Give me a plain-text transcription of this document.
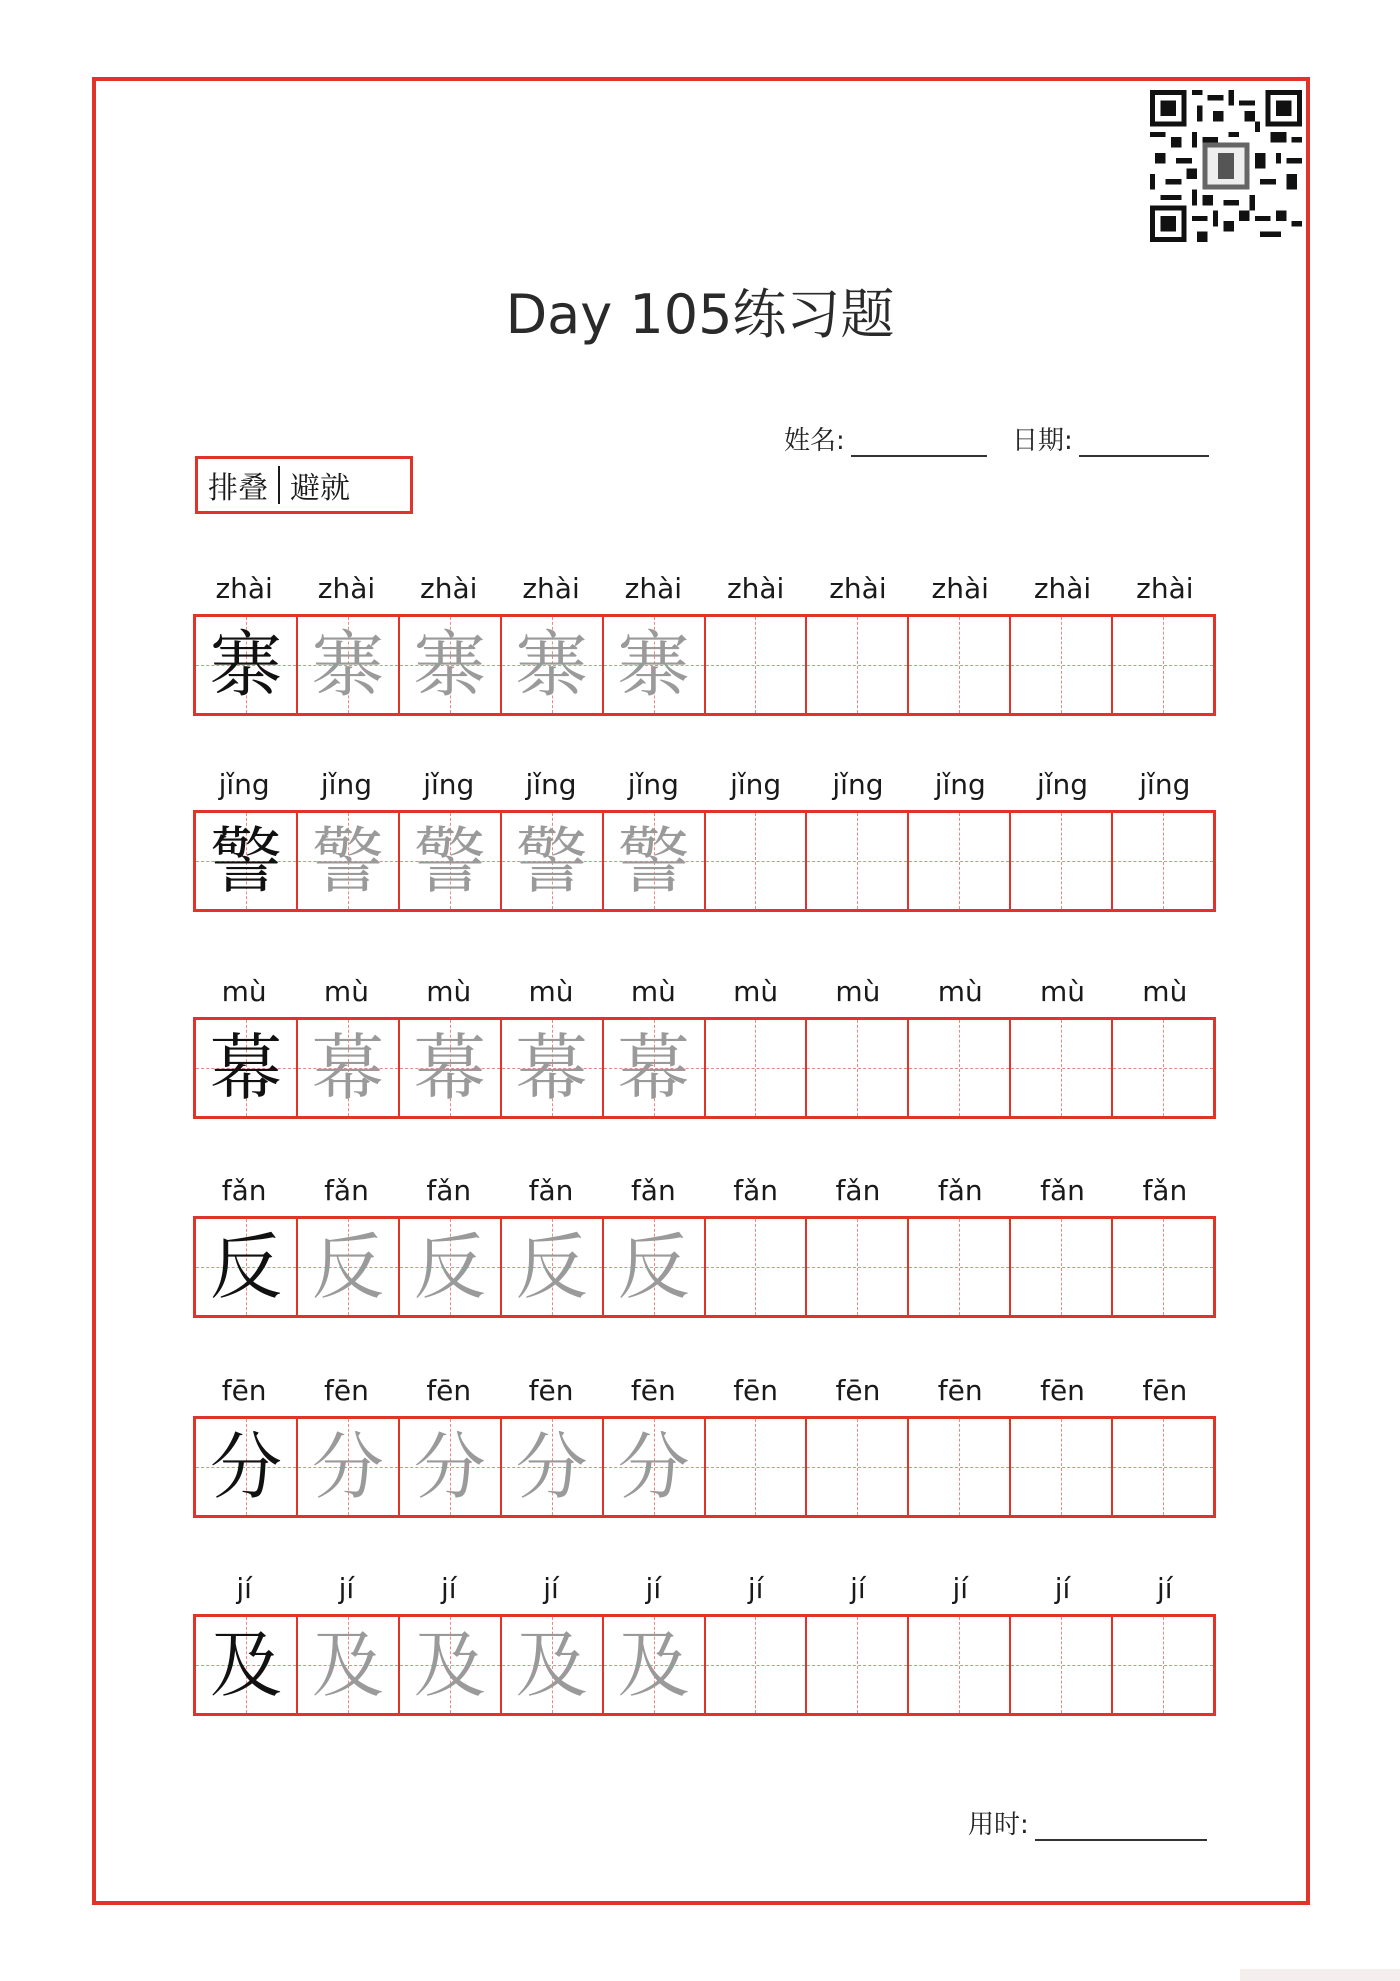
Day 105练习题
姓名:	日期:
排叠 避就
zhài	zhài	zhài	zhài	zhài	zhài	zhài	zhài	zhài	zhài
寨 寨 寨 寨 寨
jǐng	jǐng	jǐng	jǐng	jǐng	jǐng	jǐng	jǐng	jǐng	jǐng
警 警 警 警 警
mù	mù	mù	mù	mù	mù	mù	mù	mù	mù
幕 幕 幕 幕 幕
fǎn	fǎn	fǎn	fǎn	fǎn	fǎn	fǎn	fǎn	fǎn	fǎn
反 反 反 反 反
fēn	fēn	fēn	fēn	fēn	fēn	fēn	fēn	fēn	fēn
分 分 分 分 分
jí	jí	jí	jí	jí	jí	jí	jí	jí	jí
及 及 及 及 及
用时:
